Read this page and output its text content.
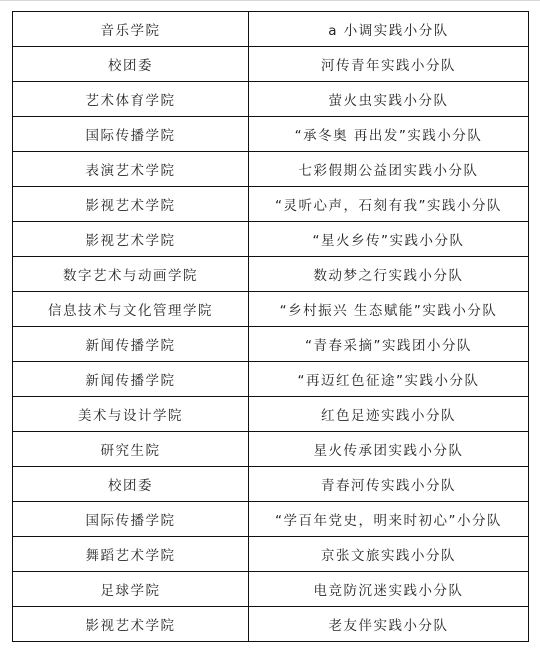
音乐学院	a 小调实践小分队
校团委	河传青年实践小分队
艺术体育学院	萤火虫实践小分队
国际传播学院	“承冬奥 再出发”实践小分队
表演艺术学院	七彩假期公益团实践小分队
影视艺术学院	“灵听心声，石刻有我”实践小分队
影视艺术学院	“星火乡传”实践小分队
数字艺术与动画学院	数动梦之行实践小分队
信息技术与文化管理学院	“乡村振兴 生态赋能”实践小分队
新闻传播学院	“青春采摘”实践团小分队
新闻传播学院	“再迈红色征途”实践小分队
美术与设计学院	红色足迹实践小分队
研究生院	星火传承团实践小分队
校团委	青春河传实践小分队
国际传播学院	“学百年党史，明来时初心”小分队
舞蹈艺术学院	京张文旅实践小分队
足球学院	电竞防沉迷实践小分队
影视艺术学院	老友伴实践小分队
